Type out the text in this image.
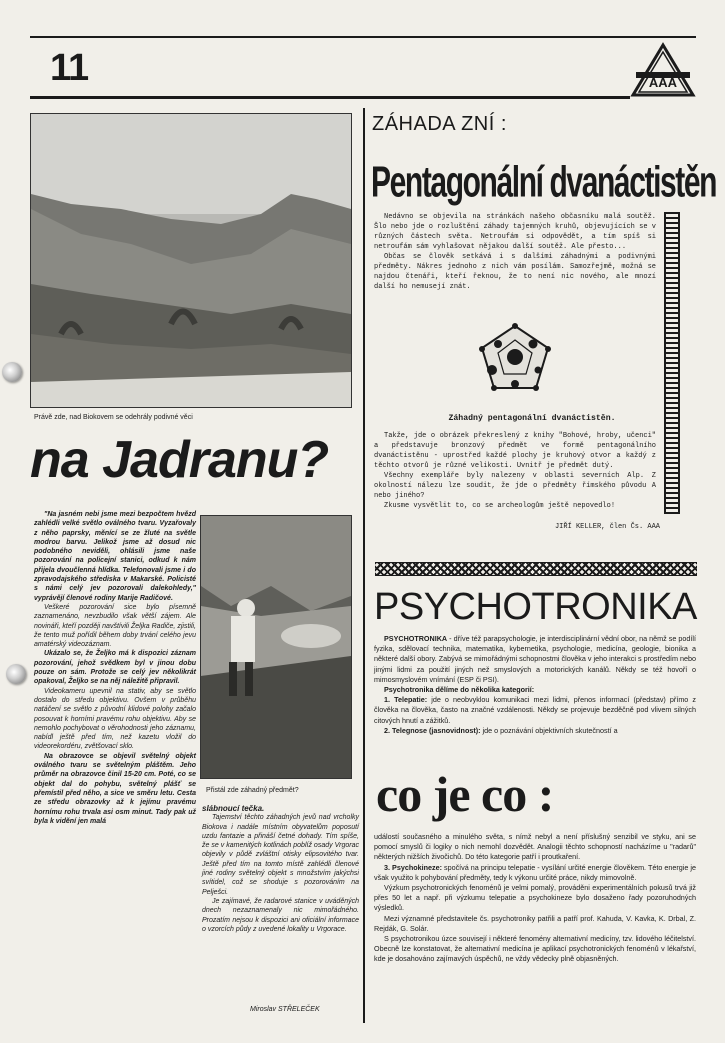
11	AAA
Právě zde, nad Biokovem se odehrály podivné věci
na Jadranu?

"Na jasném nebi jsme mezi bezpočtem hvězd zahlédli velké světlo oválného tvaru. Vyzařovaly z něho paprsky, měnící se ze žluté na světle modrou barvu. Jelikož jsme až dosud nic podobného neviděli, ohlásili jsme naše pozorování na policejní stanici, odkud k nám přijela dvoučlenná hlídka. Telefonovali jsme i do zpravodajského střediska v Makarské. Policisté s námi celý jev pozorovali dalekohledy," vyprávějí členové rodiny Marije Radičové.

Veškeré pozorování sice bylo písemně zaznamenáno, nevzbudilo však větší zájem. Ale novináři, kteří později navštívili Željka Radiče, zjistili, že tento muž pořídil během doby trvání celého jevu amatérský videozáznam.

Ukázalo se, že Željko má k dispozici záznam pozorování, jehož svědkem byl v jinou dobu pouze on sám. Protože se celý jev několikrát opakoval, Željko se na něj náležitě připravil.

Videokameru upevnil na stativ, aby se světlo dostalo do středu objektivu. Ovšem v průběhu natáčení se světlo z původní klidové polohy začalo posouvat k horními pravému rohu objektivu. Aby se nemohlo pochybovat o věrohodnosti jeho záznamu, nabídl ještě před tím, než kazetu vložil do videorekordéru, zvětšovací sklo.

Na obrazovce se objevil světelný objekt oválného tvaru se světelným pláštěm. Jeho průměr na obrazovce činil 15-20 cm. Poté, co se objekt dal do pohybu, světelný plášť se přemístil před něho, a sice ve směru letu. Cesta ze středu obrazovky až k jejímu pravému hornímu rohu trvala asi osm minut. Tady pak už byla k vidění jen malá

Přistál zde záhadný předmět?

slábnoucí tečka.

Tajemství těchto záhadných jevů nad vrcholky Biokova i nadále místním obyvatelům poposutí uzdu fantazie a přináší četné dohady. Tím spíše, že se v kamenitých kotlinách poblíž osady Vrgorac objevily v půdě zvláštní otisky elipsovitého tvar. Ještě před tím na tomto místě zahlédli členové jiné rodiny světelný objekt s množstvím jakýchsi svítidel, což se shoduje s pozorováním na Pelješci.

Je zajímavé, že radarové stanice v uváděných dnech nezaznamenaly nic mimořádného. Prozatím nejsou k dispozici ani oficiální informace o vzorcích půdy z uvedené lokality u Vrgorace.

Miroslav STŘELEČEK
ZÁHADA ZNÍ :
Pentagonální dvanáctistěn

Nedávno se objevila na stránkách našeho občasníku malá soutěž. Šlo nebo jde o rozluštění záhady tajemných kruhů, objevujících se v různých částech světa. Netroufám si odpovědět, a tím spíš si netroufám sám vyhlašovat nějakou další soutěž. Ale přesto...

Občas se člověk setkává i s dalšími záhadnými a podivnými předměty. Nákres jednoho z nich vám posílám. Samozřejmě, možná se najdou čtenáři, kteří řeknou, že to není nic nového, ale mnozí další ho nemusejí znát.

Záhadný pentagonální dvanáctistěn.

Takže, jde o obrázek překreslený z knihy "Bohové, hroby, učenci" a představuje bronzový předmět ve formě pentagonálního dvanáctistěnu - uprostřed každé plochy je kruhový otvor a každý z těchto otvorů je různé velikosti. Uvnitř je předmět dutý.

Všechny exempláře byly nalezeny v oblasti severních Alp. Z okolností nálezu lze soudit, že jde o předměty římského původu A nebo jiného?

Zkusme vysvětlit to, co se archeologům ještě nepovedlo!

JIŘÍ KELLER, člen Čs. AAA
PSYCHOTRONIKA

PSYCHOTRONIKA - dříve též parapsychologie, je interdisciplinární vědní obor, na němž se podílí fyzika, sdělovací technika, matematika, kybernetika, psychologie, medicína, geologie, bionika a některé další obory. Zabývá se mimořádnými schopnostmi člověka v jeho interakci s prostředím nebo jinými lidmi za použití jiných než smyslových a motorických kanálů. Někdy se též hovoří o mimosmyslovém vnímání (ESP či PSI).

Psychotronika dělíme do několika kategorií:

1. Telepatie: jde o neobvyklou komunikaci mezi lidmi, přenos informací (představ) přímo z člověka na člověka, často na značné vzdálenosti. Někdy se projevuje bezděčně pod vlivem silných citových hnutí a zážitků.

2. Telegnose (jasnovidnost): jde o poznávání objektivních skutečností a

co je co :

událostí současného a minulého světa, s nímž nebyl a není příslušný senzibil ve styku, ani se pomocí smyslů či logiky o nich nemohl dozvědět. Analogii těchto schopností nacházíme u "radarů" některých nižších živočichů. Do této kategorie patří i proutkaření.

3. Psychokineze: spočívá na principu telepatie - vysílání určité energie člověkem. Této energie je však využito k pohybování předměty, tedy k výkonu určité práce, nikdy mimovolně.

Výzkum psychotronických fenoménů je velmi pomalý, prováděni experimentálních pokusů trvá již přes 50 let a např. při výzkumu telepatie a psychokineze bylo dosaženo řady pozoruhodných výsledků.

Mezi významné představitele čs. psychotroniky patřili a patří prof. Kahuda, V. Kavka, K. Drbal, Z. Rejdák, G. Solár.

S psychotronikou úzce souvisejí i některé fenomény alternativní medicíny, tzv. lidového léčitelství. Obecně lze konstatovat, že alternativní medicína je aplikací psychotronických fenoménů v lékařství, kde je dosahováno zajímavých úspěchů, ne vždy vědecky plně objasněných.
